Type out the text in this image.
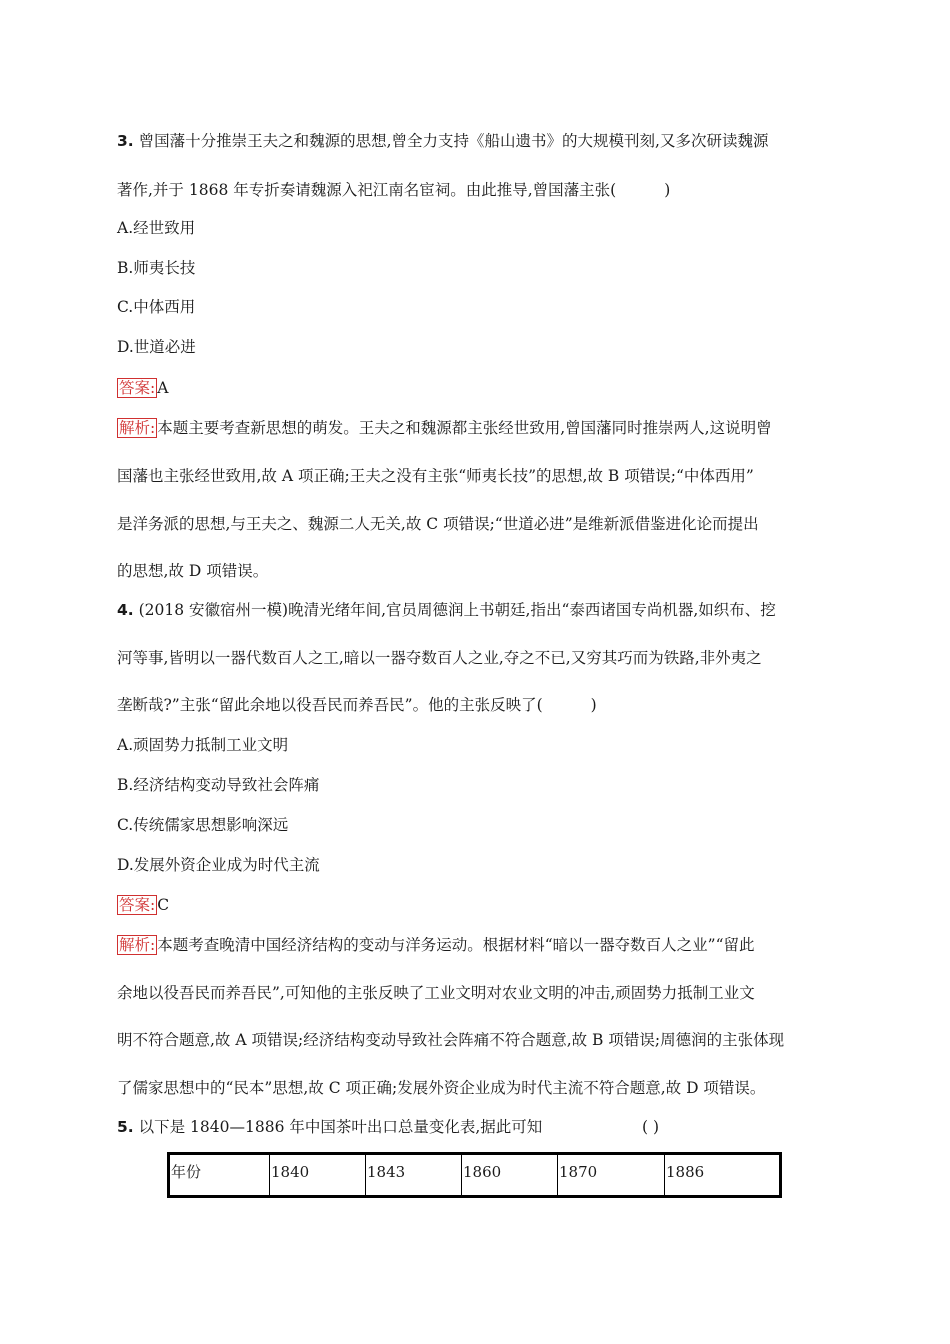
3. 曾国藩十分推崇王夫之和魏源的思想,曾全力支持《船山遗书》的大规模刊刻,又多次研读魏源
著作,并于 1868 年专折奏请魏源入祀江南名宦祠。由此推导,曾国藩主张(	)
A.经世致用
B.师夷长技
C.中体西用
D.世道必进
答案: A
解析: 本题主要考查新思想的萌发。王夫之和魏源都主张经世致用,曾国藩同时推崇两人,这说明曾
国藩也主张经世致用,故 A 项正确;王夫之没有主张“师夷长技”的思想,故 B 项错误;“中体西用”
是洋务派的思想,与王夫之、魏源二人无关,故 C 项错误;“世道必进”是维新派借鉴进化论而提出
的思想,故 D 项错误。
4. (2018 安徽宿州一模)晚清光绪年间,官员周德润上书朝廷,指出“泰西诸国专尚机器,如织布、挖
河等事,皆明以一器代数百人之工,暗以一器夺数百人之业,夺之不已,又穷其巧而为铁路,非外夷之
垄断哉?”主张“留此余地以役吾民而养吾民”。他的主张反映了(	)
A.顽固势力抵制工业文明
B.经济结构变动导致社会阵痛
C.传统儒家思想影响深远
D.发展外资企业成为时代主流
答案: C
解析: 本题考查晚清中国经济结构的变动与洋务运动。根据材料“暗以一器夺数百人之业”“留此
余地以役吾民而养吾民”,可知他的主张反映了工业文明对农业文明的冲击,顽固势力抵制工业文
明不符合题意,故 A 项错误;经济结构变动导致社会阵痛不符合题意,故 B 项错误;周德润的主张体现
了儒家思想中的“民本”思想,故 C 项正确;发展外资企业成为时代主流不符合题意,故 D 项错误。
5. 以下是 1840—1886 年中国茶叶出口总量变化表,据此可知	( )
年份	1840	1843	1860	1870	1886
